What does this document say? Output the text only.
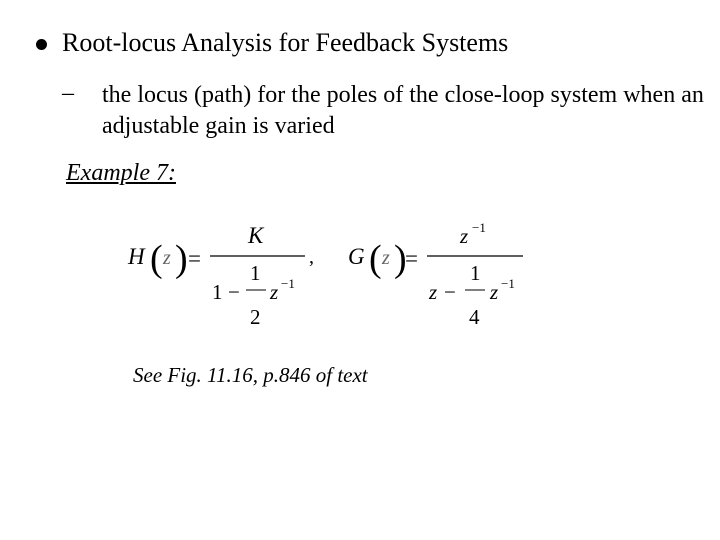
Root-locus Analysis for Feedback Systems
– the locus (path) for the poles of the close-loop system when an adjustable gain is varied
Example 7:
H ( z ) =
K
1 −
1
2
z −1
, G ( z )
=
z −1
z −
1
4
z −1
See Fig. 11.16, p.846 of text
